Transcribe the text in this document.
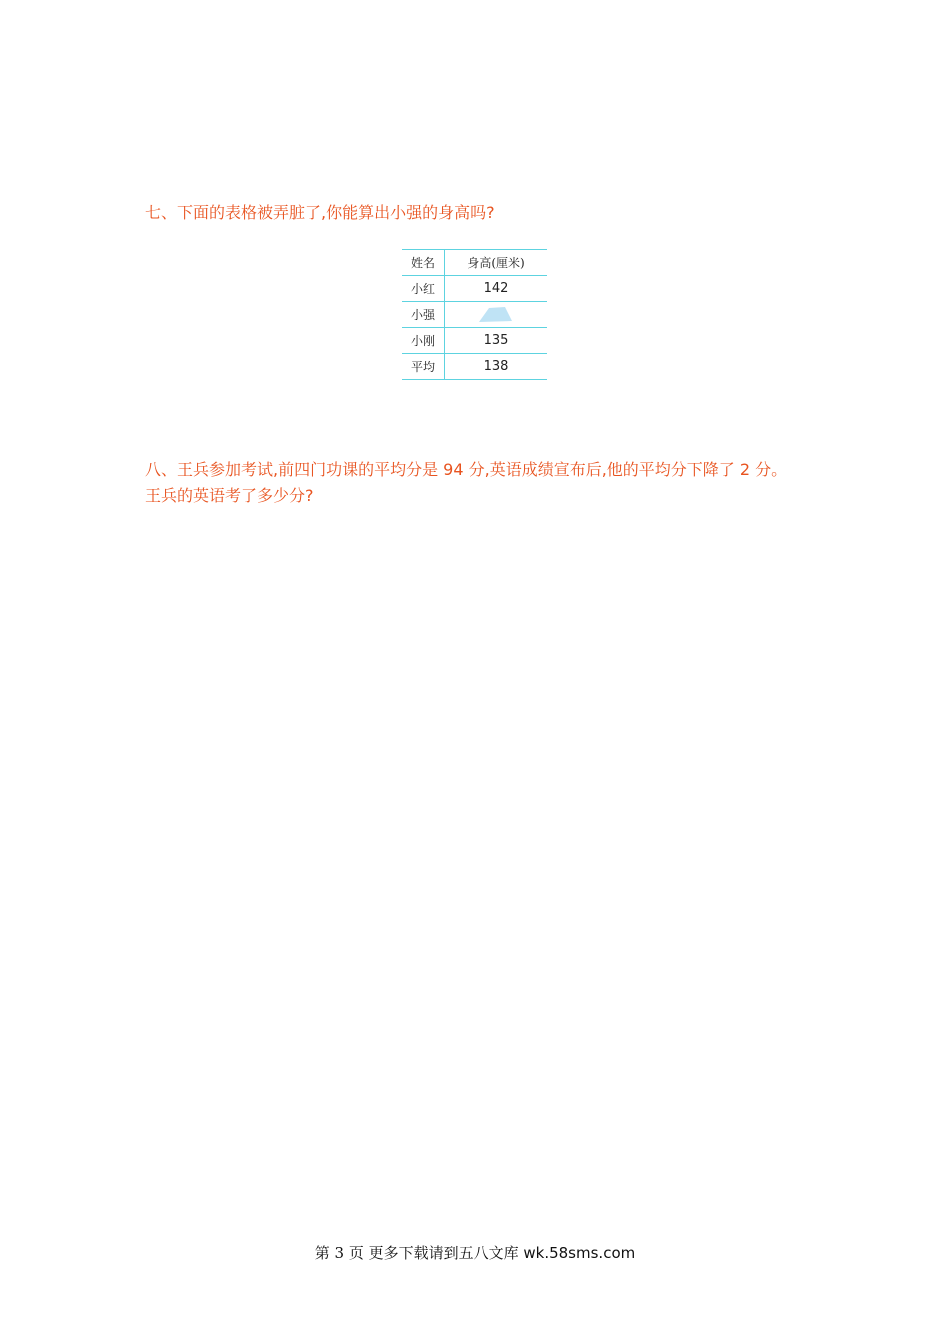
七、下面的表格被弄脏了,你能算出小强的身高吗?

姓名	身高(厘米)
小红	142
小强	
小刚	135
平均	138

八、王兵参加考试,前四门功课的平均分是 94 分,英语成绩宣布后,他的平均分下降了 2 分。

王兵的英语考了多少分?

第 3 页 更多下载请到五八文库 wk.58sms.com
